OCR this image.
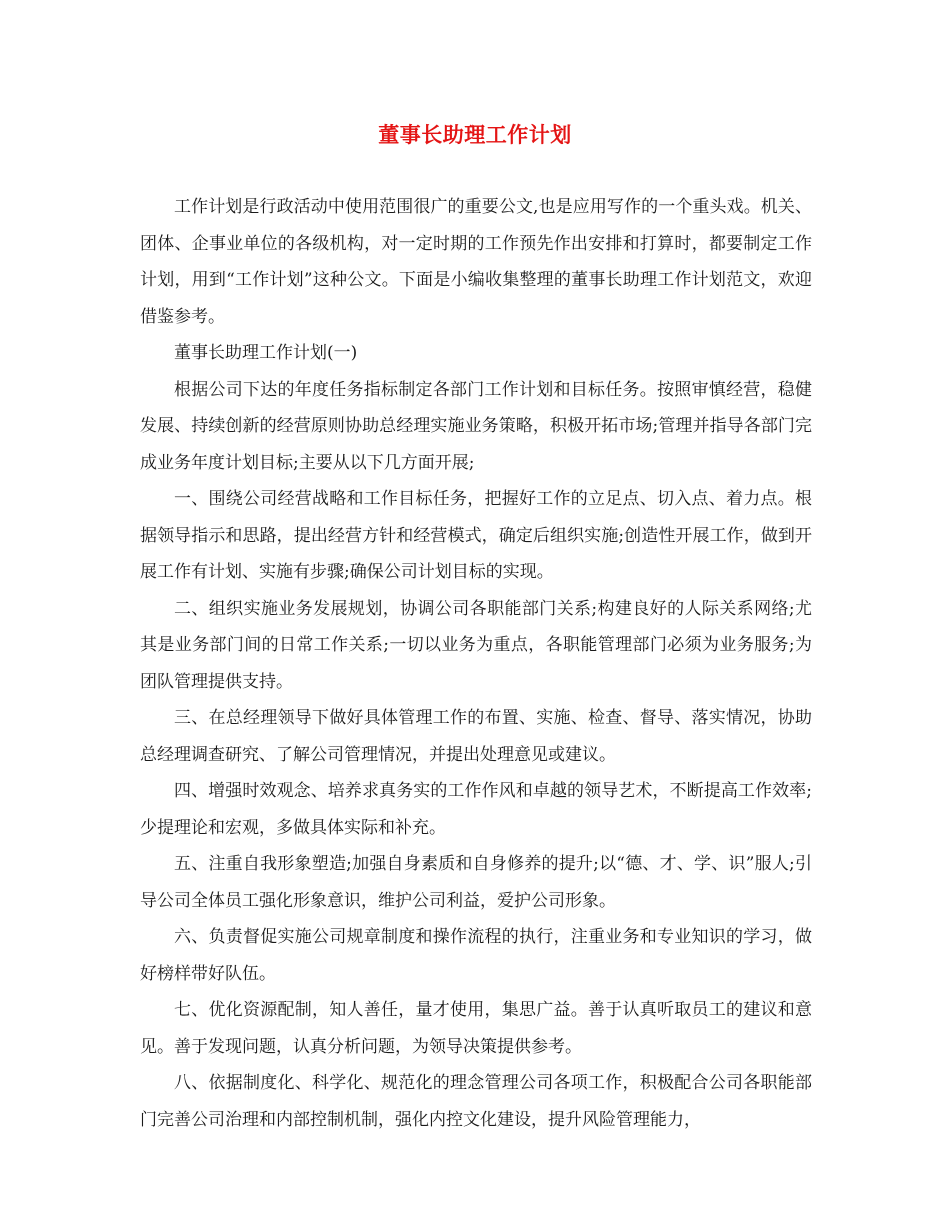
董事长助理工作计划

工作计划是行政活动中使用范围很广的重要公文,也是应用写作的一个重头戏。机关、团体、企事业单位的各级机构，对一定时期的工作预先作出安排和打算时，都要制定工作计划，用到“工作计划”这种公文。下面是小编收集整理的董事长助理工作计划范文，欢迎借鉴参考。

董事长助理工作计划(一)

根据公司下达的年度任务指标制定各部门工作计划和目标任务。按照审慎经营，稳健发展、持续创新的经营原则协助总经理实施业务策略，积极开拓市场;管理并指导各部门完成业务年度计划目标;主要从以下几方面开展;

一、围绕公司经营战略和工作目标任务，把握好工作的立足点、切入点、着力点。根据领导指示和思路，提出经营方针和经营模式，确定后组织实施;创造性开展工作，做到开展工作有计划、实施有步骤;确保公司计划目标的实现。

二、组织实施业务发展规划，协调公司各职能部门关系;构建良好的人际关系网络;尤其是业务部门间的日常工作关系;一切以业务为重点，各职能管理部门必须为业务服务;为团队管理提供支持。

三、在总经理领导下做好具体管理工作的布置、实施、检查、督导、落实情况，协助总经理调查研究、了解公司管理情况，并提出处理意见或建议。

四、增强时效观念、培养求真务实的工作作风和卓越的领导艺术，不断提高工作效率;少提理论和宏观，多做具体实际和补充。

五、注重自我形象塑造;加强自身素质和自身修养的提升;以“德、才、学、识”服人;引导公司全体员工强化形象意识，维护公司利益，爱护公司形象。

六、负责督促实施公司规章制度和操作流程的执行，注重业务和专业知识的学习，做好榜样带好队伍。

七、优化资源配制，知人善任，量才使用，集思广益。善于认真听取员工的建议和意见。善于发现问题，认真分析问题，为领导决策提供参考。

八、依据制度化、科学化、规范化的理念管理公司各项工作，积极配合公司各职能部门完善公司治理和内部控制机制，强化内控文化建设，提升风险管理能力，
